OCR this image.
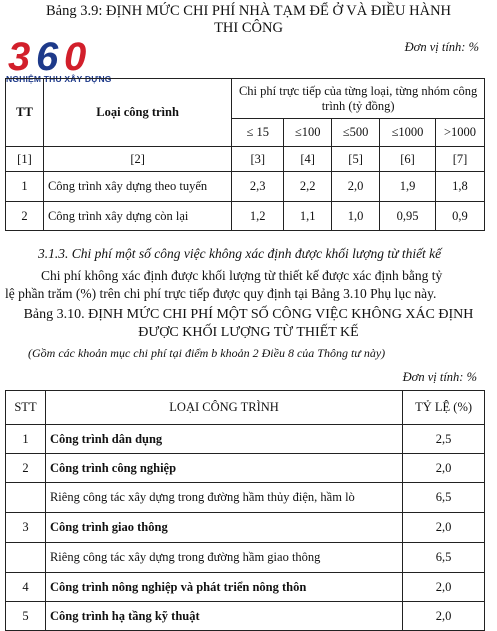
Bảng 3.9: ĐỊNH MỨC CHI PHÍ NHÀ TẠM ĐỂ Ở VÀ ĐIỀU HÀNH
THI CÔNG
3 6 0
NGHIỆM THU XÂY DỰNG
Đơn vị tính: %
TT	Loại công trình	Chi phí trực tiếp của từng loại, từng nhóm công trình (tỷ đồng)				
		≤ 15	≤100	≤500	≤1000	>1000
[1]	[2]	[3]	[4]	[5]	[6]	[7]
1	Công trình xây dựng theo tuyến	2,3	2,2	2,0	1,9	1,8
2	Công trình xây dựng còn lại	1,2	1,1	1,0	0,95	0,9
3.1.3. Chi phí một số công việc không xác định được khối lượng từ thiết kế
Chi phí không xác định được khối lượng từ thiết kế được xác định bằng tỷ
lệ phần trăm (%) trên chi phí trực tiếp được quy định tại Bảng 3.10 Phụ lục này.
Bảng 3.10. ĐỊNH MỨC CHI PHÍ MỘT SỐ CÔNG VIỆC KHÔNG XÁC ĐỊNH
ĐƯỢC KHỐI LƯỢNG TỪ THIẾT KẾ
(Gồm các khoản mục chi phí tại điểm b khoản 2 Điều 8 của Thông tư này)
Đơn vị tính: %
STT	LOẠI CÔNG TRÌNH	TỶ LỆ (%)
1	Công trình dân dụng	2,5
2	Công trình công nghiệp	2,0
	Riêng công tác xây dựng trong đường hầm thủy điện, hầm lò	6,5
3	Công trình giao thông	2,0
	Riêng công tác xây dựng trong đường hầm giao thông	6,5
4	Công trình nông nghiệp và phát triển nông thôn	2,0
5	Công trình hạ tầng kỹ thuật	2,0
